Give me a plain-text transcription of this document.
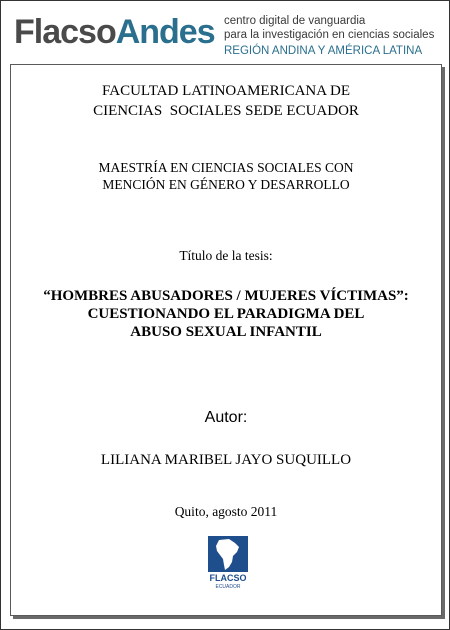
FlacsoAndes centro digital de vanguardia
para la investigación en ciencias sociales
REGIÓN ANDINA Y AMÉRICA LATINA
FACULTAD LATINOAMERICANA DE
CIENCIAS  SOCIALES SEDE ECUADOR
MAESTRÍA EN CIENCIAS SOCIALES CON
MENCIÓN EN GÉNERO Y DESARROLLO
Título de la tesis:
“HOMBRES ABUSADORES / MUJERES VÍCTIMAS”:
CUESTIONANDO EL PARADIGMA DEL
ABUSO SEXUAL INFANTIL
Autor:
LILIANA MARIBEL JAYO SUQUILLO
Quito, agosto 2011
FLACSO
ECUADOR
